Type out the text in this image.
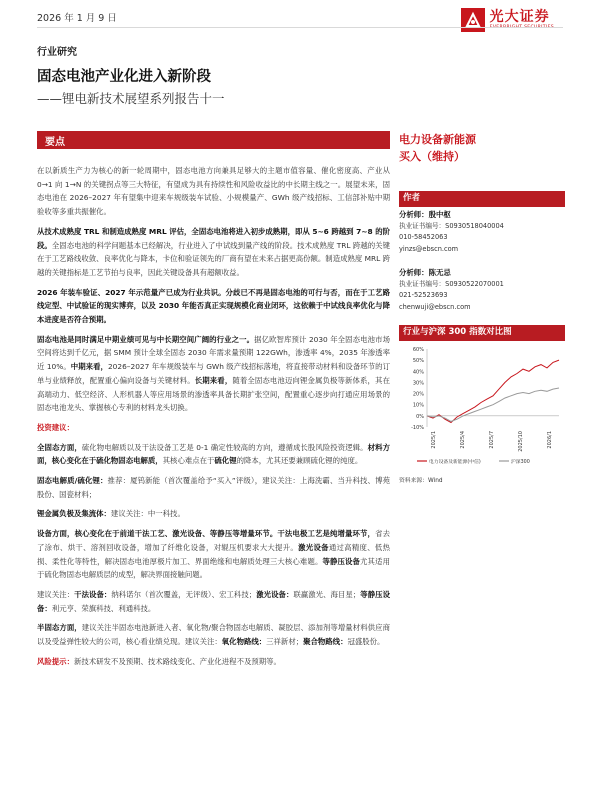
2026 年 1 月 9 日	光大证券
EVERBRIGHT SECURITIES
行业研究
固态电池产业化进入新阶段
——锂电新技术展望系列报告十一
要点

在以新质生产力为核心的新一轮周期中，固态电池方向兼具足够大的主题市值容量、催化密度高、产业从 0→1 向 1→N 的关键拐点等三大特征，有望成为具有持续性和风险收益比的中长期主线之一。展望未来，固态电池在 2026–2027 年有望集中迎来车规级装车试验、小规模量产、GWh 级产线招标、工信部补贴中期验收等多重共振催化。

从技术成熟度 TRL 和制造成熟度 MRL 评估，全固态电池将进入初步成熟期，即从 5~6 跨越到 7~8 的阶段。全固态电池的科学问题基本已经解决，行业进入了中试线到量产线的阶段。技术成熟度 TRL 跨越的关键在于工艺路线收敛、良率优化与降本，卡位和验证领先的厂商有望在未来占据更高份额。制造成熟度 MRL 跨越的关键指标是工艺节拍与良率，因此关键设备具有超额收益。

2026 年装车验证、2027 年示范量产已成为行业共识。分歧已不再是固态电池的可行与否，而在于工艺路线定型、中试验证的现实博弈，以及 2030 年能否真正实现规模化商业闭环，这依赖于中试线良率优化与降本进度是否符合预期。

固态电池是同时满足中期业绩可见与中长期空间广阔的行业之一。据亿欧智库预计 2030 年全固态电池市场空间将达到千亿元，据 SMM 预计全球全固态 2030 年需求量预期 122GWh，渗透率 4%，2035 年渗透率近 10%。中期来看，2026–2027 年车规级装车与 GWh 级产线招标落地，将直接带动材料和设备环节的订单与业绩释放，配置重心偏向设备与关键材料。长期来看，随着全固态电池迈向锂金属负极等新体系，其在高端动力、低空经济、人形机器人等应用场景的渗透率具备长期扩张空间，配置重心逐步向打通应用场景的固态电池龙头、掌握核心专利的材料龙头切换。

投资建议：

全固态方面，硫化物电解质以及干法设备工艺是 0-1 确定性较高的方向，遵循成长股风险投资逻辑。材料方面，核心变化在于硫化物固态电解质，其核心难点在于硫化锂的降本，尤其还要兼顾硫化锂的纯度。

固态电解质/硫化锂：推荐：厦钨新能（首次覆盖给予“买入”评级），建议关注：上海洗霸、当升科技、博苑股份、国瓷材料；

锂金属负极及集流体：建议关注：中一科技。

设备方面，核心变化在于前道干法工艺、激光设备、等静压等增量环节。干法电极工艺是纯增量环节，省去了涂布、烘干、溶剂回收设备，增加了纤维化设备，对辊压机要求大大提升。激光设备通过高精度、低热损、柔性化等特性，解决固态电池厚极片加工、界面绝缘和电解质处理三大核心难题。等静压设备尤其适用于硫化物固态电解质层的成型，解决界面接触问题。

建议关注：干法设备：纳科诺尔（首次覆盖，无评级）、宏工科技；激光设备：联赢激光、海目星；等静压设备：利元亨、荣旗科技、利通科技。

半固态方面，建议关注半固态电池新进入者、氧化物/聚合物固态电解质、凝胶层、添加剂等增量材料供应商以及受益弹性较大的公司，核心看业绩兑现。建议关注：氧化物路线：三祥新材；聚合物路线：冠盛股份。

风险提示：新技术研发不及预期、技术路线变化、产业化进程不及预期等。

电力设备新能源
买入（维持）
作者
分析师：殷中枢
执业证书编号：S0930518040004
010-58452063
yinzs@ebscn.com
分析师：陈无忌
执业证书编号：S0930522070001
021-52523693
chenwuji@ebscn.com
行业与沪深 300 指数对比图
60%
50%
40%
30%
20%
10%
0%
-10%
2025/1	2025/4	2025/7	2025/10	2026/1
电力设备及新能源(中信)	沪深300
资料来源：Wind
